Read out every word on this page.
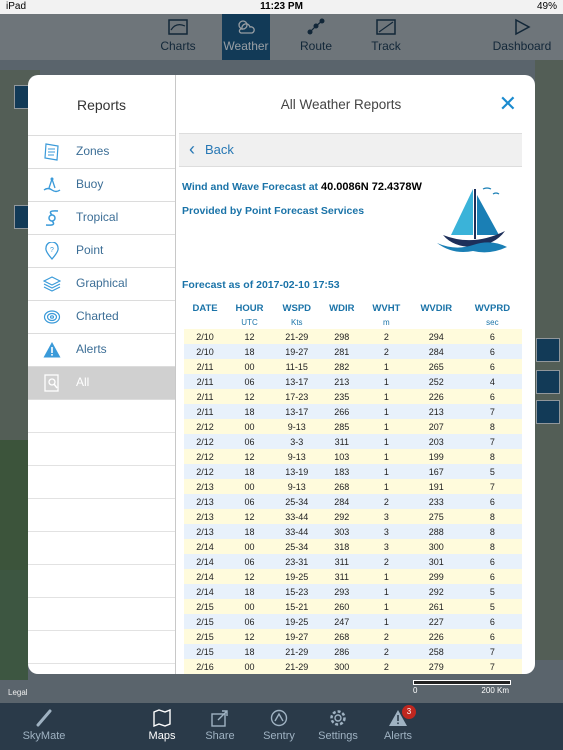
iPad	11:23 PM	49%
Charts	Weather	Route	Track	Dashboard
0	200 Km
Legal
SkyMate	Maps	Share	Sentry	Settings	Alerts
3
Reports
Zones
Buoy
Tropical
? Point
Graphical
Charted
Alerts
All
All Weather Reports	✕
‹ Back
Wind and Wave Forecast at 40.0086N 72.4378W
Provided by Point Forecast Services
Forecast as of 2017-02-10 17:53
DATE	HOUR	WSPD	WDIR	WVHT	WVDIR	WVPRD
	UTC	Kts		m		sec
2/10	12	21-29	298	2	294	6
2/10	18	19-27	281	2	284	6
2/11	00	11-15	282	1	265	6
2/11	06	13-17	213	1	252	4
2/11	12	17-23	235	1	226	6
2/11	18	13-17	266	1	213	7
2/12	00	9-13	285	1	207	8
2/12	06	3-3	311	1	203	7
2/12	12	9-13	103	1	199	8
2/12	18	13-19	183	1	167	5
2/13	00	9-13	268	1	191	7
2/13	06	25-34	284	2	233	6
2/13	12	33-44	292	3	275	8
2/13	18	33-44	303	3	288	8
2/14	00	25-34	318	3	300	8
2/14	06	23-31	311	2	301	6
2/14	12	19-25	311	1	299	6
2/14	18	15-23	293	1	292	5
2/15	00	15-21	260	1	261	5
2/15	06	19-25	247	1	227	6
2/15	12	19-27	268	2	226	6
2/15	18	21-29	286	2	258	7
2/16	00	21-29	300	2	279	7
